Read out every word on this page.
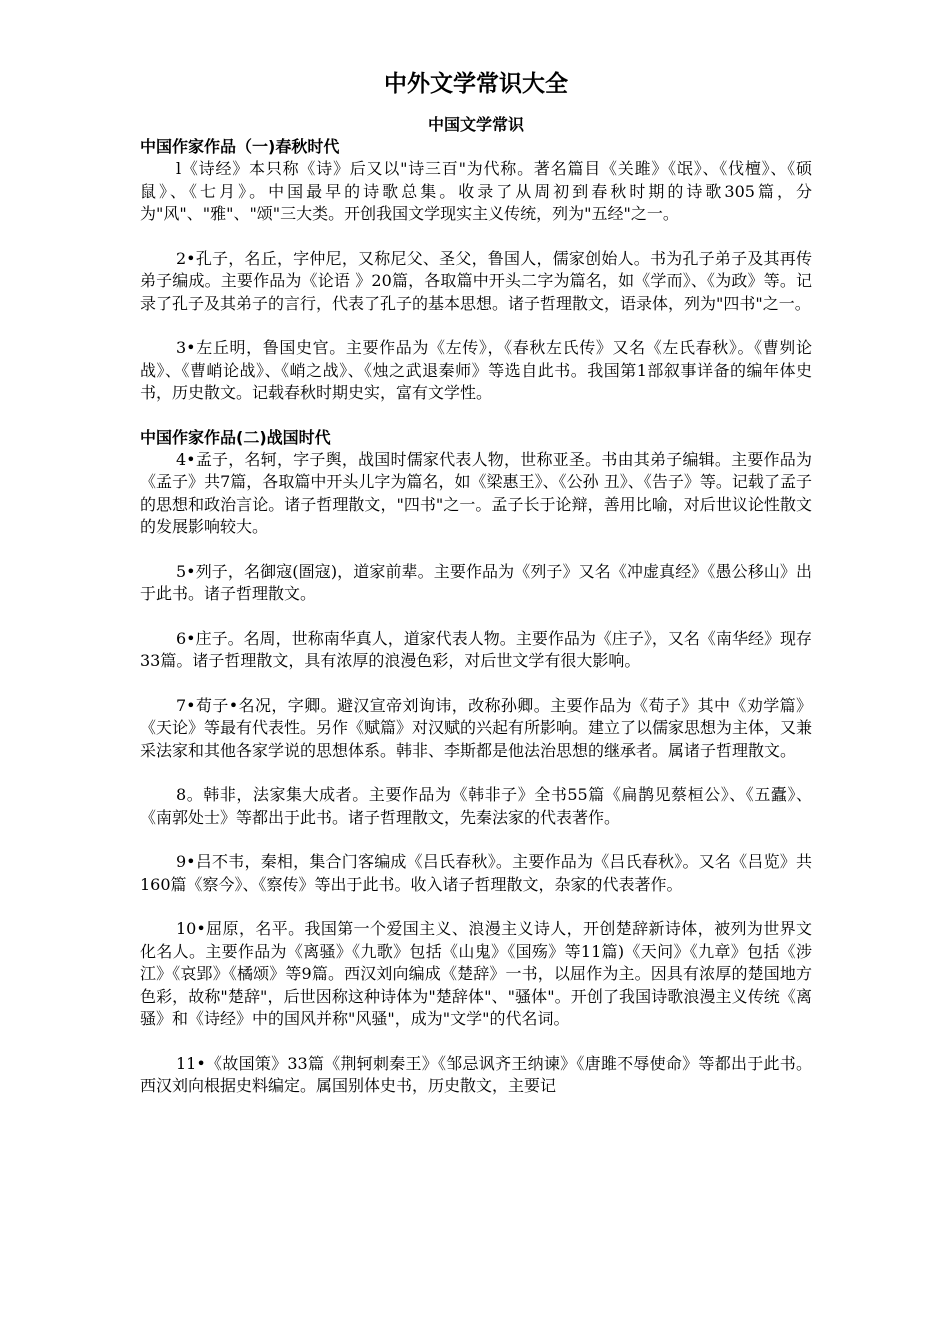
中外文学常识大全
中国文学常识
中国作家作品（一)春秋时代

l《诗经》本只称《诗》后又以"诗三百"为代称。著名篇目《关雎》《氓》、《伐檀》、《硕鼠》、《七月》。中国最早的诗歌总集。收录了从周初到春秋时期的诗歌305篇，分为"风"、"雅"、"颂"三大类。开创我国文学现实主义传统，列为"五经"之一。

2•孔子，名丘，字仲尼，又称尼父、圣父，鲁国人，儒家创始人。书为孔子弟子及其再传弟子编成。主要作品为《论语 》20篇，各取篇中开头二字为篇名，如《学而》、《为政》等。记录了孔子及其弟子的言行，代表了孔子的基本思想。诸子哲理散文，语录体，列为"四书"之一。

3•左丘明，鲁国史官。主要作品为《左传》，《春秋左氏传》又名《左氏春秋》。《曹刿论战》、《曹峭论战》、《峭之战》、《烛之武退秦师》等选自此书。我国第1部叙事详备的编年体史书，历史散文。记载春秋时期史实，富有文学性。

中国作家作品(二)战国时代

4•孟子，名轲，字子舆，战国时儒家代表人物，世称亚圣。书由其弟子编辑。主要作品为《孟子》共7篇，各取篇中开头儿字为篇名，如《梁惠王》、《公孙 丑》、《告子》等。记载了孟子的思想和政治言论。诸子哲理散文，"四书"之一。孟子长于论辩，善用比喻，对后世议论性散文的发展影响较大。

5•列子，名御寇(圄寇)，道家前辈。主要作品为《列子》又名《冲虚真经》《愚公移山》出于此书。诸子哲理散文。

6•庄子。名周，世称南华真人，道家代表人物。主要作品为《庄子》，又名《南华经》现存33篇。诸子哲理散文，具有浓厚的浪漫色彩，对后世文学有很大影响。

7•荀子•名况，字卿。避汉宣帝刘询讳，改称孙卿。主要作品为《荀子》其中《劝学篇》《天论》等最有代表性。另作《赋篇》对汉赋的兴起有所影响。建立了以儒家思想为主体，又兼采法家和其他各家学说的思想体系。韩非、李斯都是他法治思想的继承者。属诸子哲理散文。

8。韩非，法家集大成者。主要作品为《韩非子》全书55篇《扁鹊见蔡桓公》、《五蠹》、《南郭处士》等都出于此书。诸子哲理散文，先秦法家的代表著作。

9•吕不韦，秦相，集合门客编成《吕氏春秋》。主要作品为《吕氏春秋》。又名《吕览》共160篇《察今》、《察传》等出于此书。收入诸子哲理散文，杂家的代表著作。

10•屈原，名平。我国第一个爱国主义、浪漫主义诗人，开创楚辞新诗体，被列为世界文化名人。主要作品为《离骚》《九歌》包括《山鬼》《国殇》等11篇)《天问》《九章》包括《涉江》《哀郢》《橘颂》等9篇。西汉刘向编成《楚辞》一书，以屈作为主。因具有浓厚的楚国地方色彩，故称"楚辞"，后世因称这种诗体为"楚辞体"、"骚体"。开创了我国诗歌浪漫主义传统《离骚》和《诗经》中的国风并称"风骚"，成为"文学"的代名词。

11•《故国策》33篇《荆轲刺秦王》《邹忌讽齐王纳谏》《唐雎不辱使命》等都出于此书。西汉刘向根据史料编定。属国别体史书，历史散文，主要记
